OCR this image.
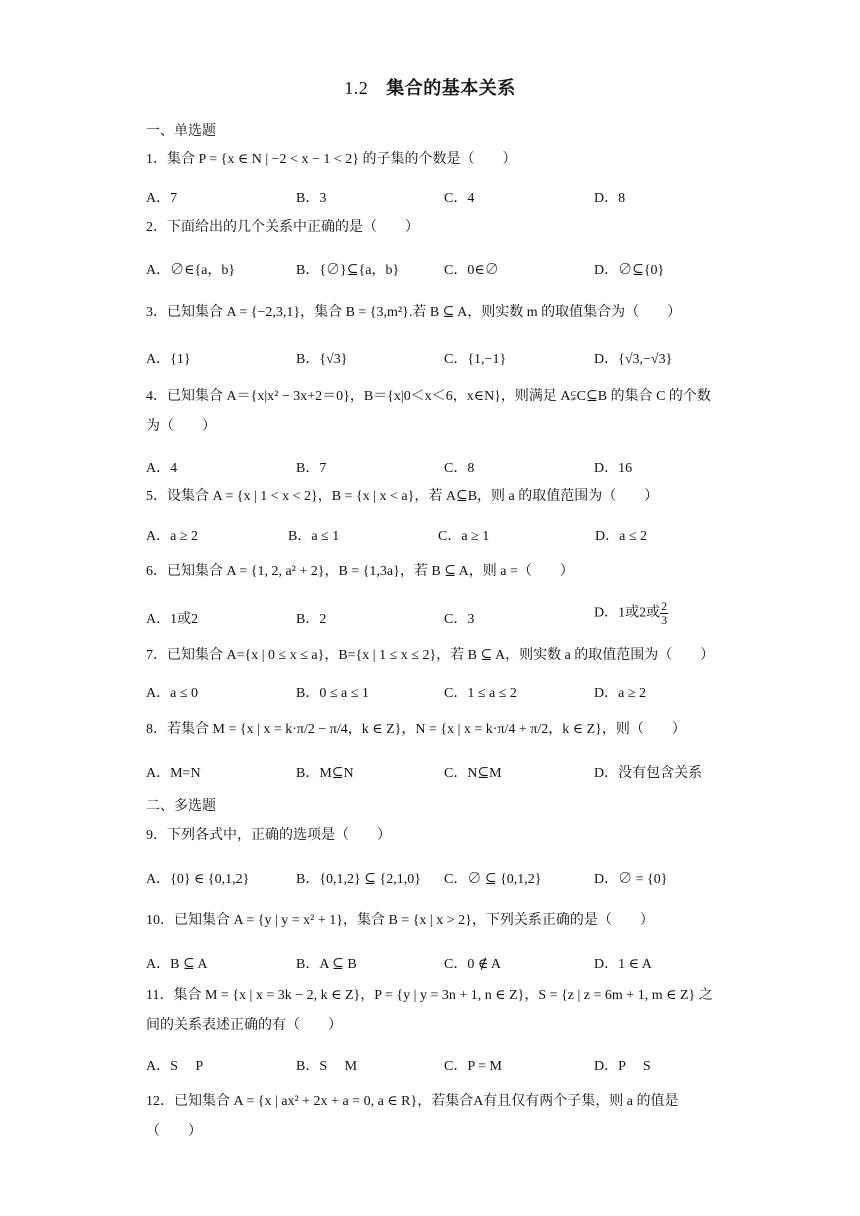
1.2 集合的基本关系
一、单选题
1．集合 P = {x ∈ N | −2 < x − 1 < 2} 的子集的个数是（　　）
A．7	B．3	C．4	D．8
2．下面给出的几个关系中正确的是（　　）
A．∅∈{a，b}	B．{∅}⊆{a，b}	C．0∈∅	D．∅⊆{0}
3．已知集合 A = {−2,3,1}，集合 B = {3,m²}.若 B ⊆ A，则实数 m 的取值集合为（　　）
A．{1}	B．{√3}	C．{1,−1}	D．{√3,−√3}
4．已知集合 A＝{x|x² − 3x+2＝0}，B＝{x|0＜x＜6，x∈N}，则满足 A⫋C⊆B 的集合 C 的个数为（　　）
A．4	B．7	C．8	D．16
5．设集合 A = {x | 1 < x < 2}，B = {x | x < a}，若 A⊆B，则 a 的取值范围为（　　）
A．a ≥ 2	B．a ≤ 1	C．a ≥ 1	D．a ≤ 2
6．已知集合 A = {1, 2, a² + 2}，B = {1,3a}，若 B ⊆ A，则 a =（　　）
A．1或2	B．2	C．3	D．1或2或 $\frac{2}{3}$
7．已知集合 A={x | 0 ≤ x ≤ a}，B={x | 1 ≤ x ≤ 2}，若 B ⊆ A，则实数 a 的取值范围为（　　）
A．a ≤ 0	B．0 ≤ a ≤ 1	C．1 ≤ a ≤ 2	D．a ≥ 2
8．若集合 M = {x | x = k·π/2 − π/4，k ∈ Z}，N = {x | x = k·π/4 + π/2，k ∈ Z}，则（　　）
A．M=N	B．M⊆N	C．N⊆M	D．没有包含关系
二、多选题
9．下列各式中，正确的选项是（　　）
A．{0} ∈ {0,1,2}	B．{0,1,2} ⊆ {2,1,0} C．∅ ⊆ {0,1,2}	D．∅ = {0}
10．已知集合 A = {y | y = x² + 1}，集合 B = {x | x > 2}，下列关系正确的是（　　）
A．B ⊆ A	B．A ⊆ B	C．0 ∉ A	D．1 ∈ A
11．集合 M = {x | x = 3k − 2, k ∈ Z}，P = {y | y = 3n + 1, n ∈ Z}，S = {z | z = 6m + 1, m ∈ Z} 之间的关系表述正确的有（　　）
A．S　 P	B．S　 M	C．P = M	D．P　 S
12．已知集合 A = {x | ax² + 2x + a = 0, a ∈ R}，若集合A有且仅有两个子集，则 a 的值是（　　）
